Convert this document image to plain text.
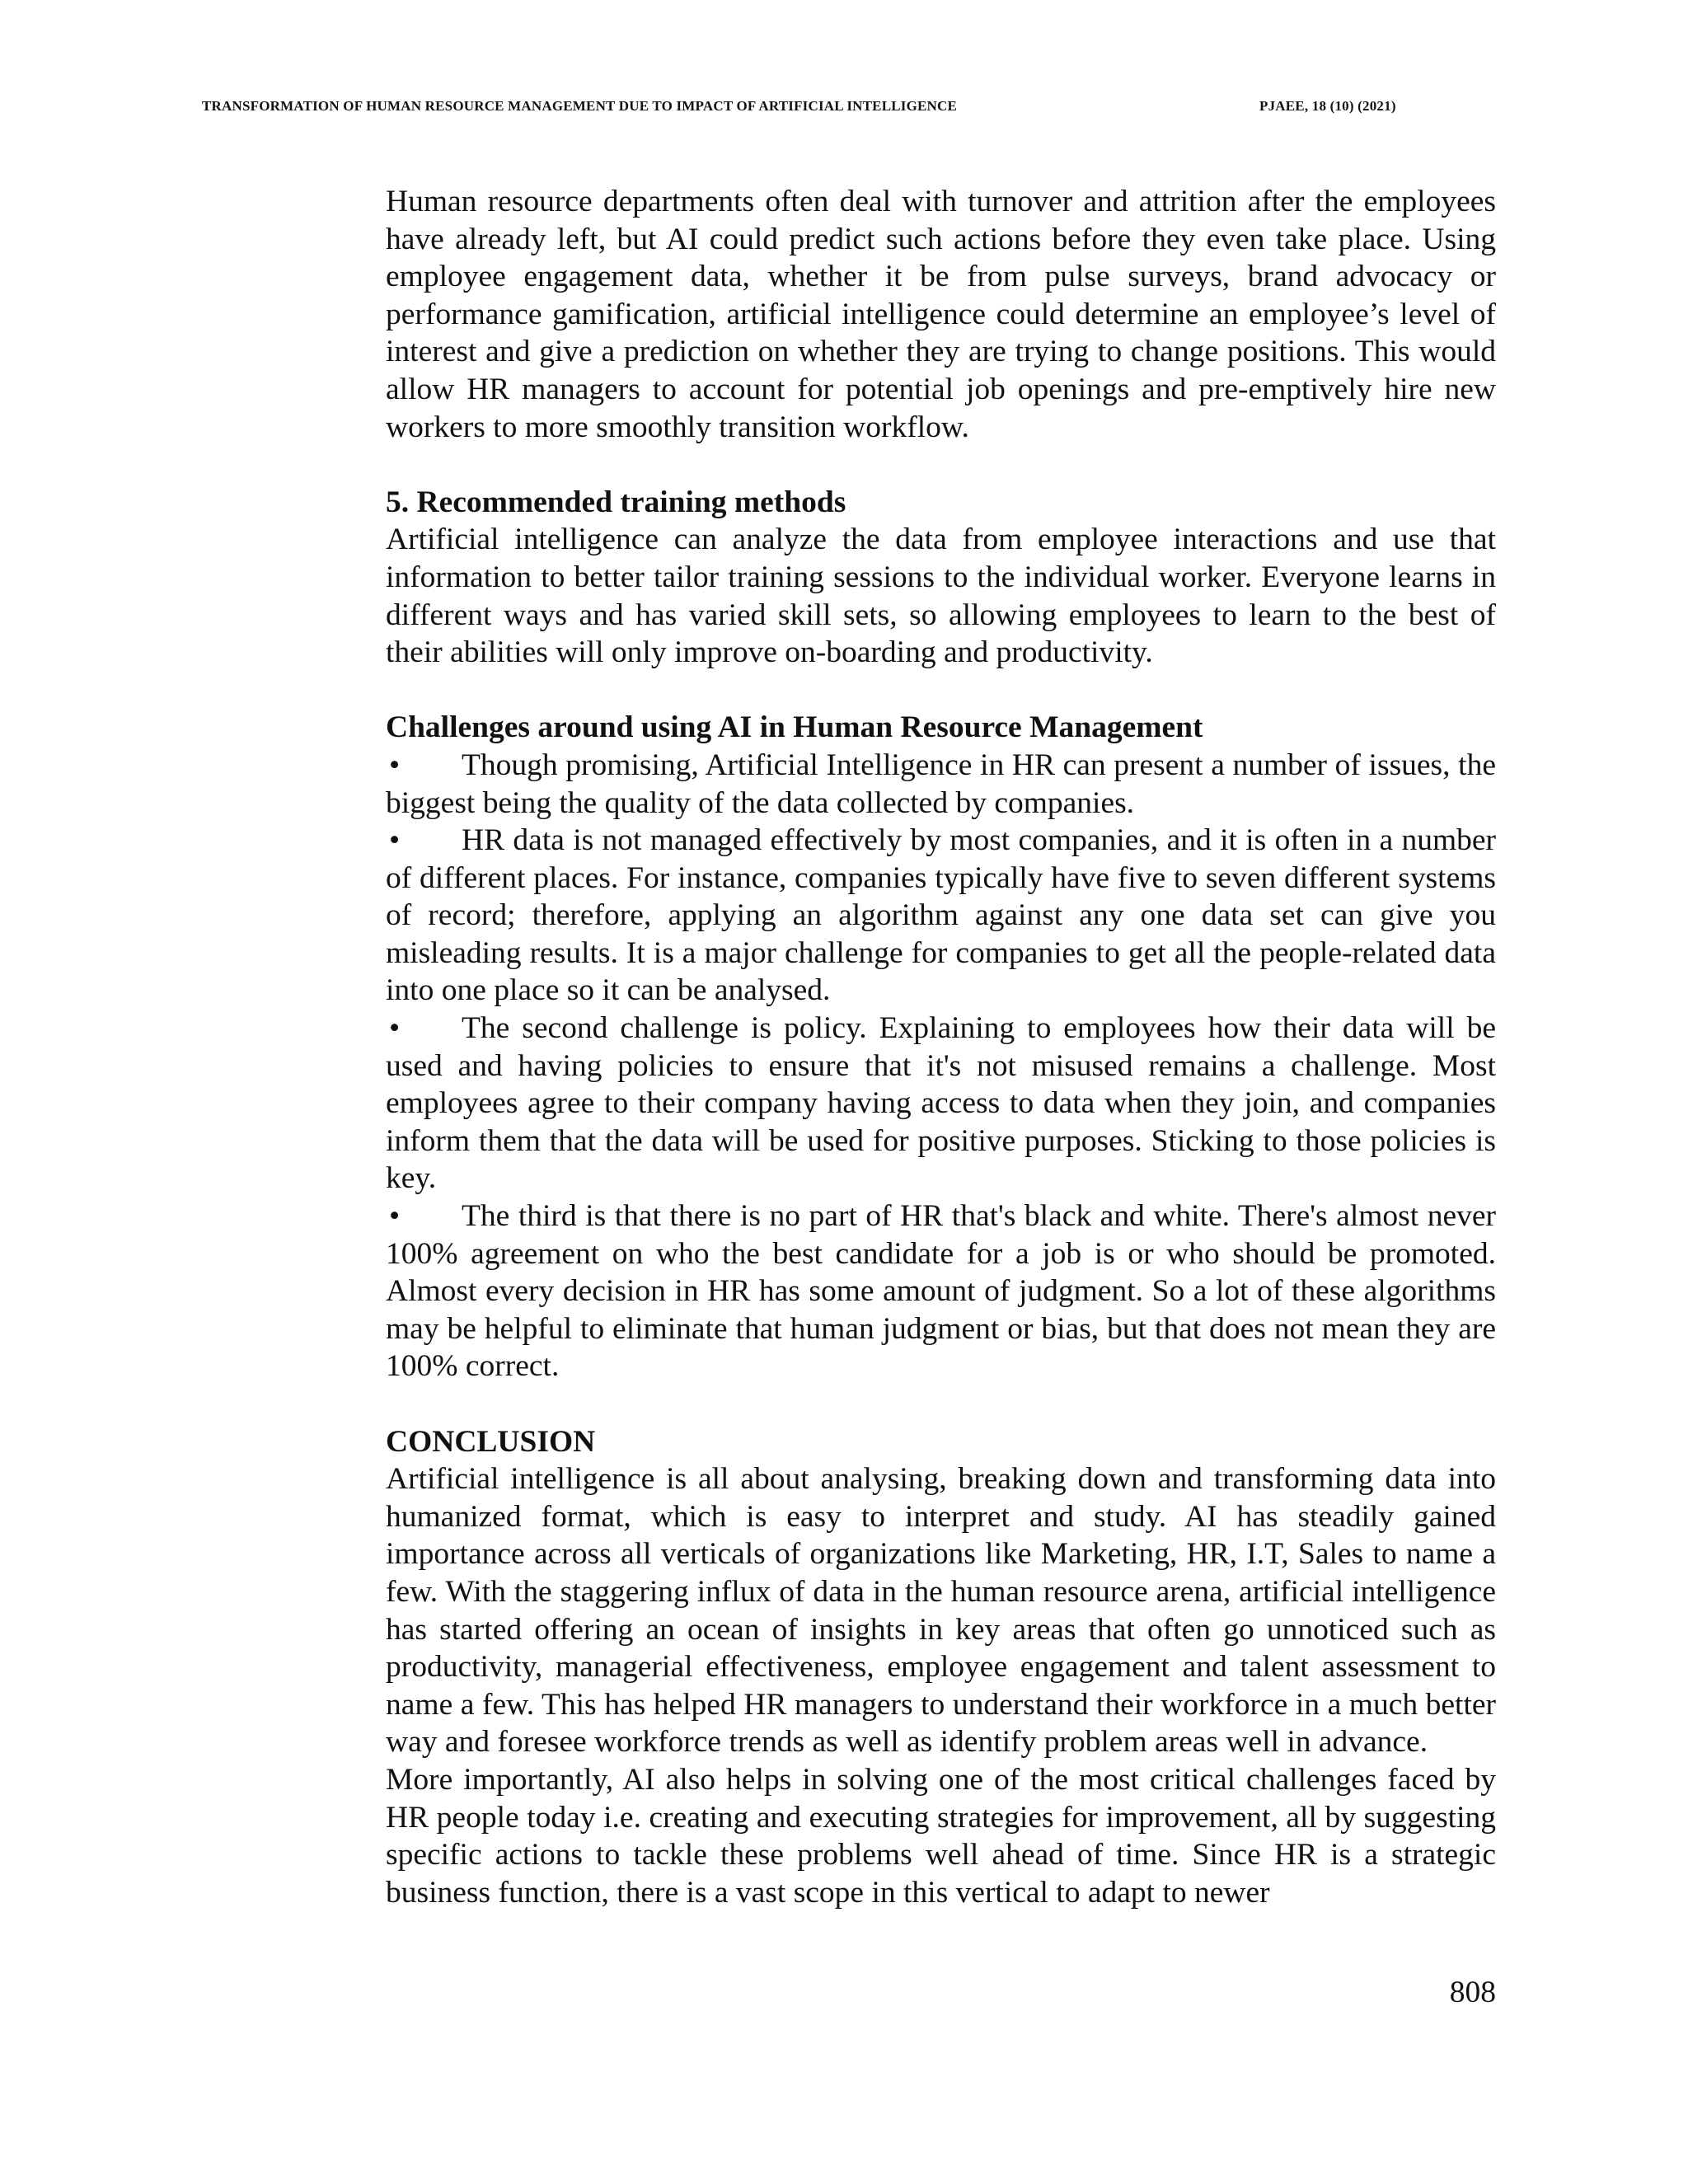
TRANSFORMATION OF HUMAN RESOURCE MANAGEMENT DUE TO IMPACT OF ARTIFICIAL INTELLIGENCE	PJAEE, 18 (10) (2021)

Human resource departments often deal with turnover and attrition after the employees have already left, but AI could predict such actions before they even take place. Using employee engagement data, whether it be from pulse surveys, brand advocacy or performance gamification, artificial intelligence could determine an employee’s level of interest and give a prediction on whether they are trying to change positions. This would allow HR managers to account for potential job openings and pre-emptively hire new workers to more smoothly transition workflow.

5. Recommended training methods

Artificial intelligence can analyze the data from employee interactions and use that information to better tailor training sessions to the individual worker. Everyone learns in different ways and has varied skill sets, so allowing employees to learn to the best of their abilities will only improve on-boarding and productivity.

Challenges around using AI in Human Resource Management

• Though promising, Artificial Intelligence in HR can present a number of issues, the biggest being the quality of the data collected by companies.

• HR data is not managed effectively by most companies, and it is often in a number of different places. For instance, companies typically have five to seven different systems of record; therefore, applying an algorithm against any one data set can give you misleading results. It is a major challenge for companies to get all the people-related data into one place so it can be analysed.

• The second challenge is policy. Explaining to employees how their data will be used and having policies to ensure that it's not misused remains a challenge. Most employees agree to their company having access to data when they join, and companies inform them that the data will be used for positive purposes. Sticking to those policies is key.

• The third is that there is no part of HR that's black and white. There's almost never 100% agreement on who the best candidate for a job is or who should be promoted. Almost every decision in HR has some amount of judgment. So a lot of these algorithms may be helpful to eliminate that human judgment or bias, but that does not mean they are 100% correct.

CONCLUSION

Artificial intelligence is all about analysing, breaking down and transforming data into humanized format, which is easy to interpret and study. AI has steadily gained importance across all verticals of organizations like Marketing, HR, I.T, Sales to name a few. With the staggering influx of data in the human resource arena, artificial intelligence has started offering an ocean of insights in key areas that often go unnoticed such as productivity, managerial effectiveness, employee engagement and talent assessment to name a few. This has helped HR managers to understand their workforce in a much better way and foresee workforce trends as well as identify problem areas well in advance.

More importantly, AI also helps in solving one of the most critical challenges faced by HR people today i.e. creating and executing strategies for improvement, all by suggesting specific actions to tackle these problems well ahead of time. Since HR is a strategic business function, there is a vast scope in this vertical to adapt to newer

808
